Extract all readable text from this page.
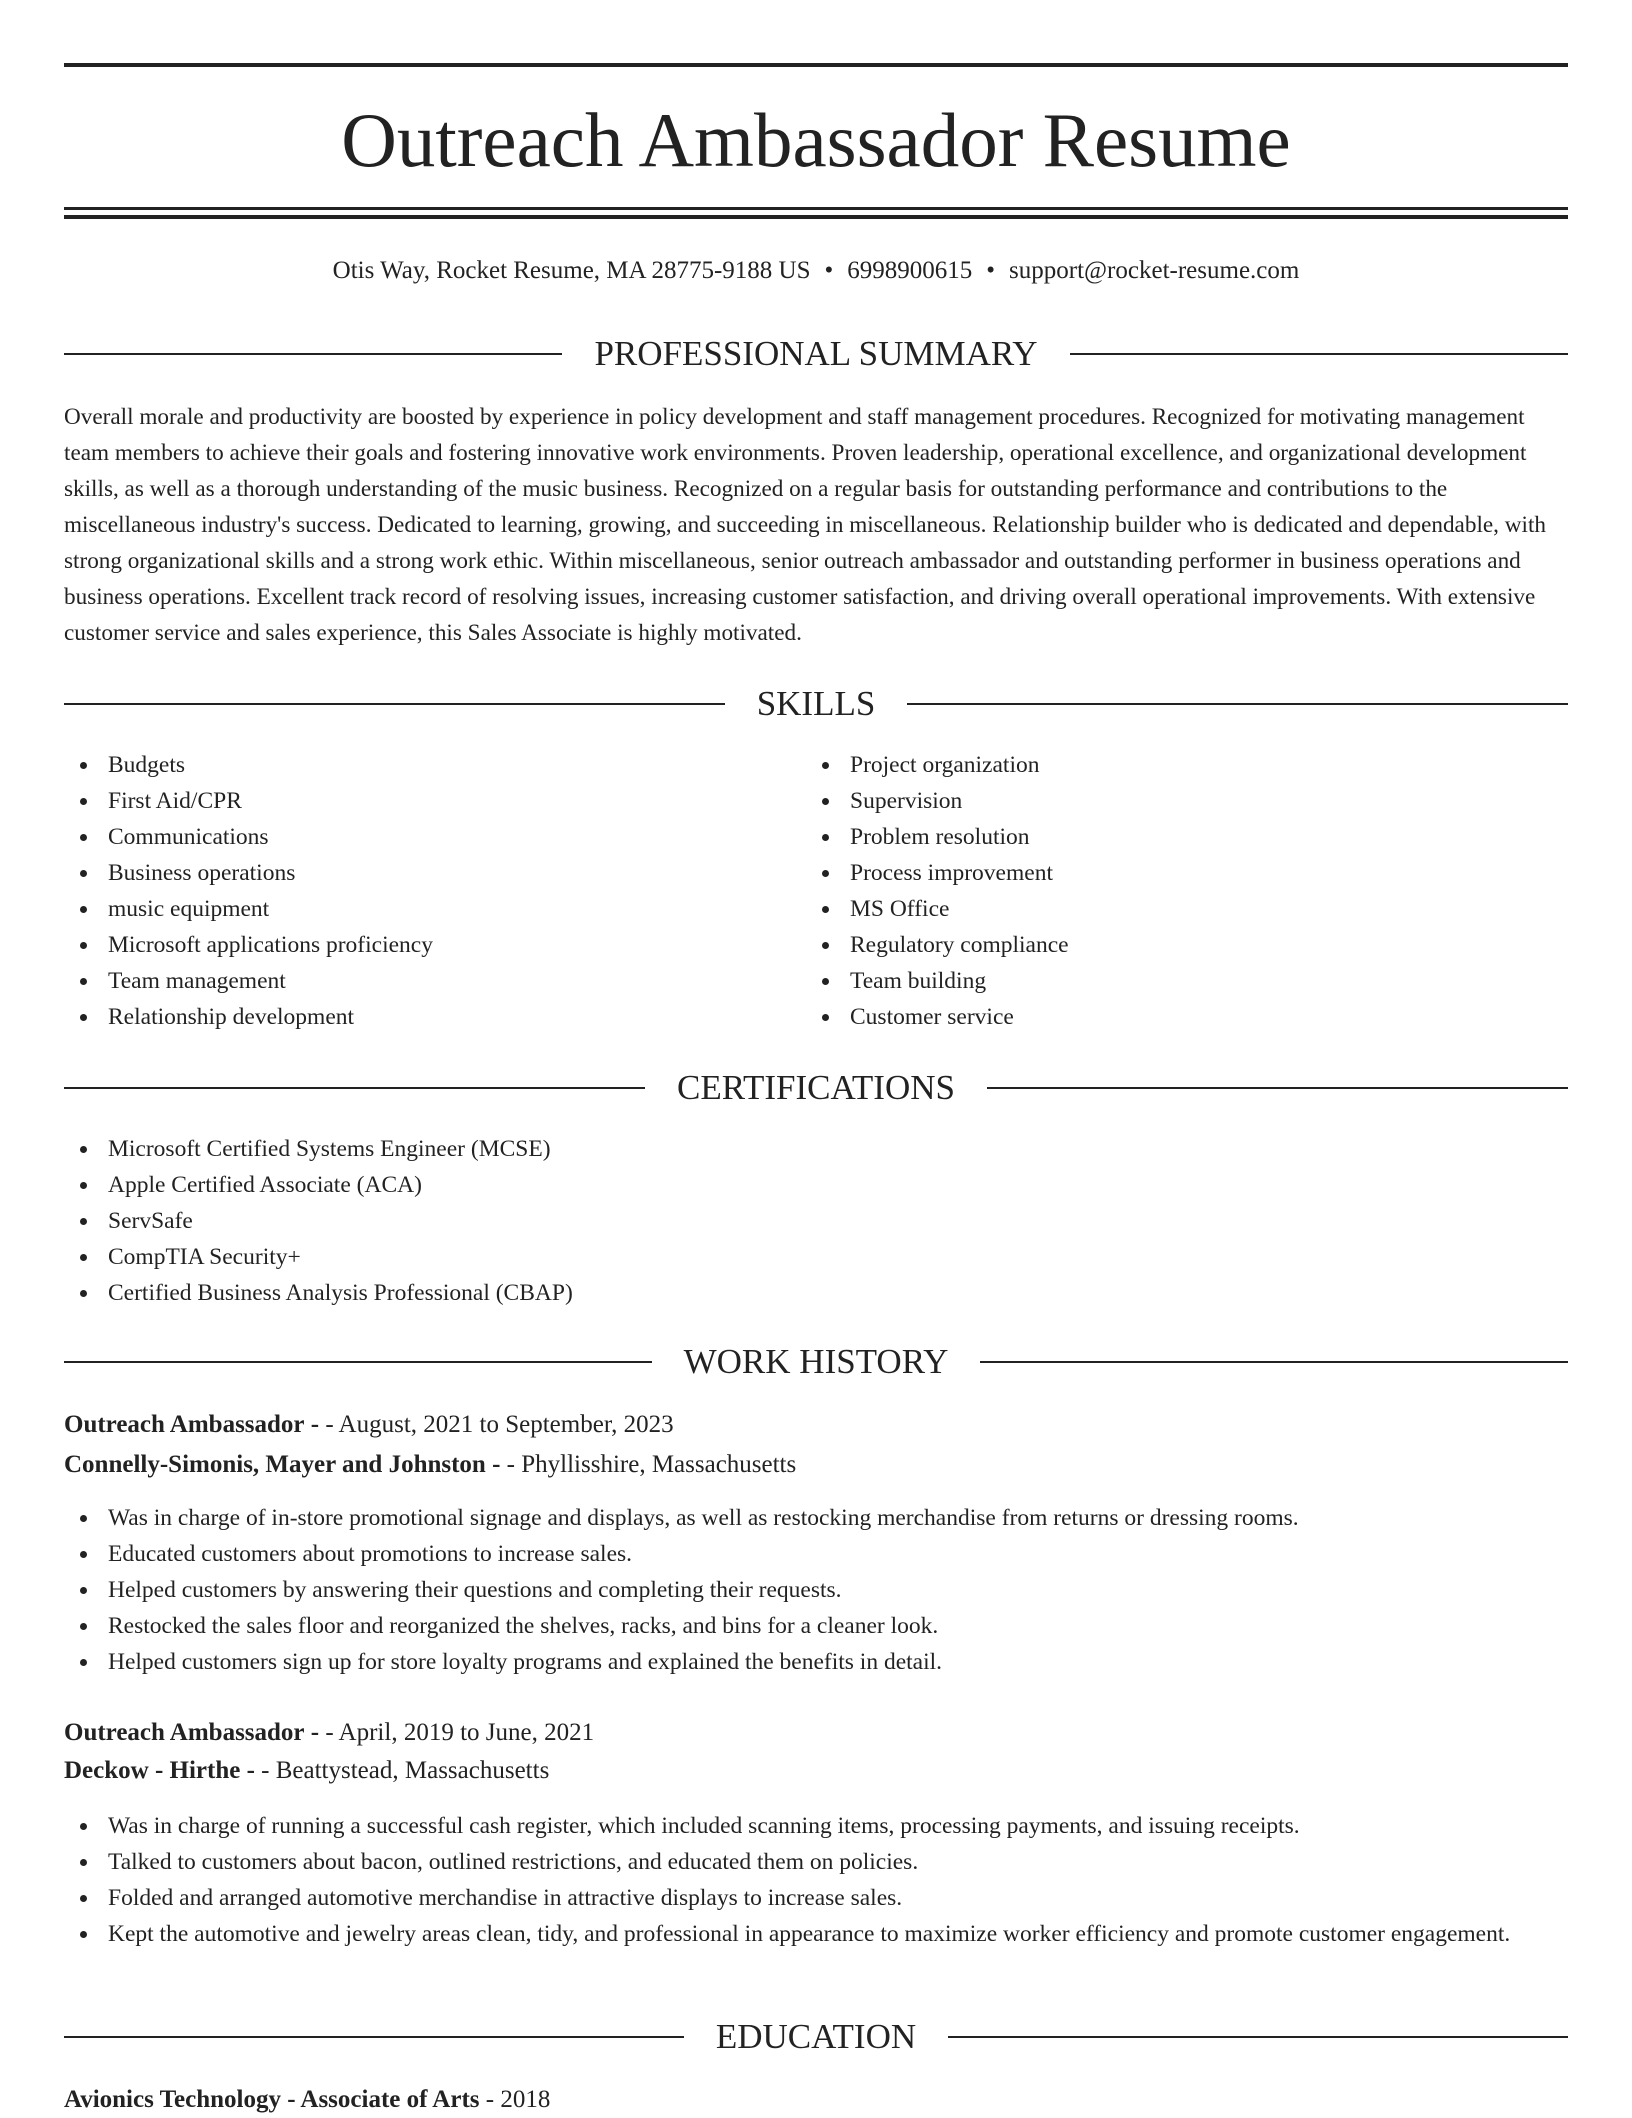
Outreach Ambassador Resume
Otis Way, Rocket Resume, MA 28775-9188 US • 6998900615 • support@rocket-resume.com
PROFESSIONAL SUMMARY

Overall morale and productivity are boosted by experience in policy development and staff management procedures. Recognized for motivating management team members to achieve their goals and fostering innovative work environments. Proven leadership, operational excellence, and organizational development skills, as well as a thorough understanding of the music business. Recognized on a regular basis for outstanding performance and contributions to the miscellaneous industry's success. Dedicated to learning, growing, and succeeding in miscellaneous. Relationship builder who is dedicated and dependable, with strong organizational skills and a strong work ethic. Within miscellaneous, senior outreach ambassador and outstanding performer in business operations and business operations. Excellent track record of resolving issues, increasing customer satisfaction, and driving overall operational improvements. With extensive customer service and sales experience, this Sales Associate is highly motivated.

SKILLS
Budgets
First Aid/CPR
Communications
Business operations
music equipment
Microsoft applications proficiency
Team management
Relationship development
Project organization
Supervision
Problem resolution
Process improvement
MS Office
Regulatory compliance
Team building
Customer service
CERTIFICATIONS
Microsoft Certified Systems Engineer (MCSE)
Apple Certified Associate (ACA)
ServSafe
CompTIA Security+
Certified Business Analysis Professional (CBAP)
WORK HISTORY
Outreach Ambassador - - August, 2021 to September, 2023
Connelly-Simonis, Mayer and Johnston - - Phyllisshire, Massachusetts
Was in charge of in-store promotional signage and displays, as well as restocking merchandise from returns or dressing rooms.
Educated customers about promotions to increase sales.
Helped customers by answering their questions and completing their requests.
Restocked the sales floor and reorganized the shelves, racks, and bins for a cleaner look.
Helped customers sign up for store loyalty programs and explained the benefits in detail.
Outreach Ambassador - - April, 2019 to June, 2021
Deckow - Hirthe - - Beattystead, Massachusetts
Was in charge of running a successful cash register, which included scanning items, processing payments, and issuing receipts.
Talked to customers about bacon, outlined restrictions, and educated them on policies.
Folded and arranged automotive merchandise in attractive displays to increase sales.
Kept the automotive and jewelry areas clean, tidy, and professional in appearance to maximize worker efficiency and promote customer engagement.
EDUCATION
Avionics Technology - Associate of Arts - 2018
